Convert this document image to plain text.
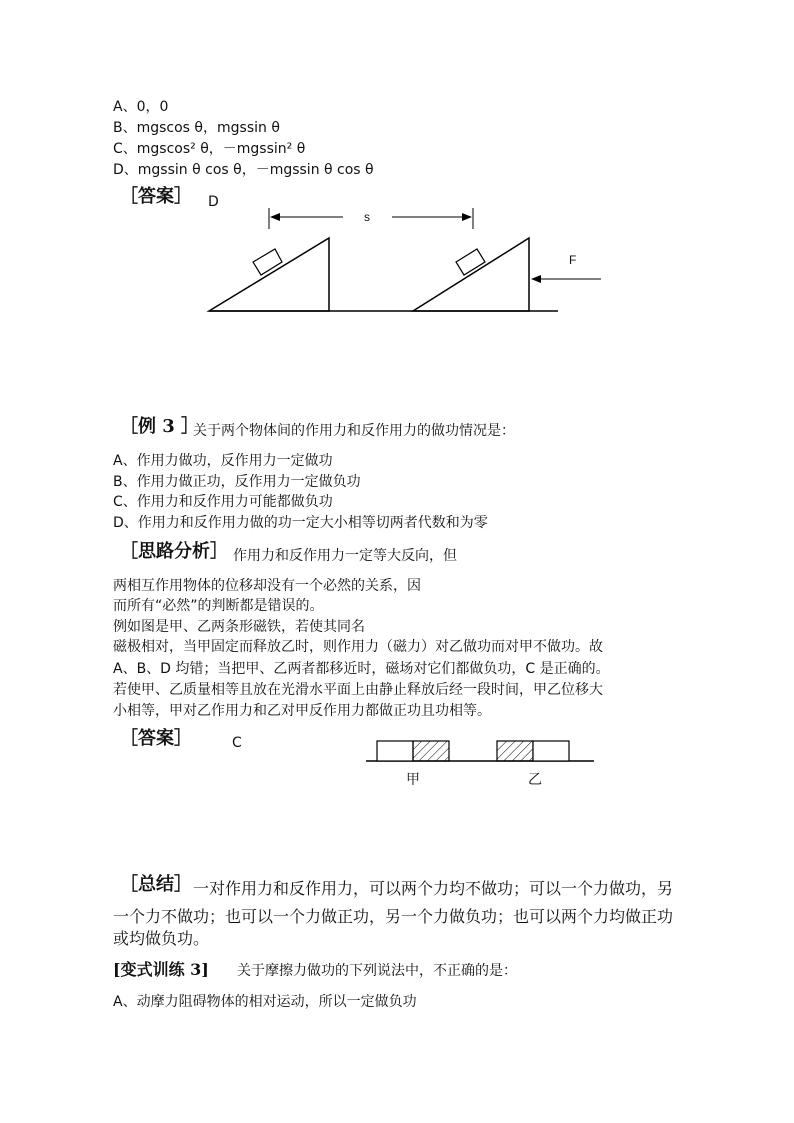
A、0，0
B、mgscos θ，mgssin θ
C、mgscos² θ，－mgssin² θ
D、mgssin θ cos θ，－mgssin θ cos θ
［答案］ D
s
F
［例 3 ］
关于两个物体间的作用力和反作用力的做功情况是：
A、作用力做功，反作用力一定做功
B、作用力做正功，反作用力一定做负功
C、作用力和反作用力可能都做负功
D、作用力和反作用力做的功一定大小相等切两者代数和为零
［思路分析］ 作用力和反作用力一定等大反向，但
两相互作用物体的位移却没有一个必然的关系，因
而所有“必然”的判断都是错误的。
例如图是甲、乙两条形磁铁，若使其同名
磁极相对，当甲固定而释放乙时，则作用力（磁力）对乙做功而对甲不做功。故
A、B、D 均错；当把甲、乙两者都移近时，磁场对它们都做负功，C 是正确的。
若使甲、乙质量相等且放在光滑水平面上由静止释放后经一段时间，甲乙位移大
小相等，甲对乙作用力和乙对甲反作用力都做正功且功相等。
［答案］	C
甲	乙
［总结］ 一对作用力和反作用力，可以两个力均不做功；可以一个力做功，另
一个力不做功；也可以一个力做正功，另一个力做负功；也可以两个力均做正功
或均做负功。
[变式训练 3] 关于摩擦力做功的下列说法中，不正确的是：
A、动摩力阻碍物体的相对运动，所以一定做负功
